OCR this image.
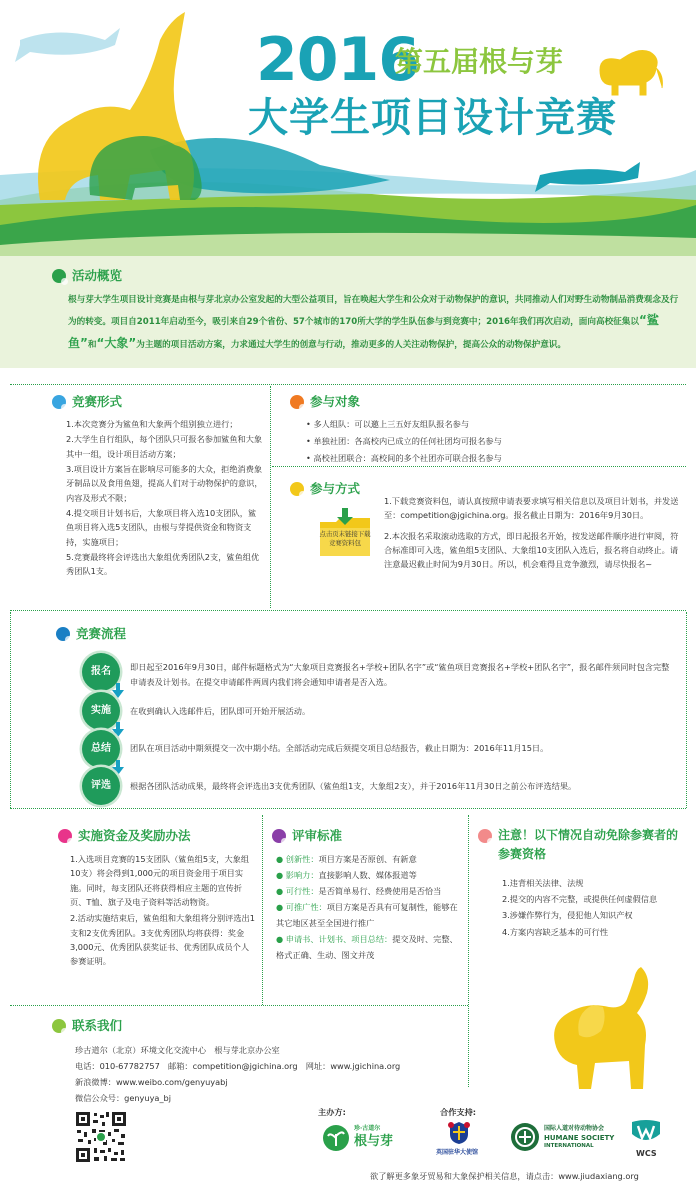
2016
第五届根与芽
大学生项目设计竞赛
活动概览
根与芽大学生项目设计竞赛是由根与芽北京办公室发起的大型公益项目，旨在唤起大学生和公众对于动物保护的意识，共同推动人们对野生动物制品消费观念及行为的转变。项目自2011年启动至今，吸引来自29个省份、57个城市的170所大学的学生队伍参与到竞赛中；2016年我们再次启动，面向高校征集以“鲨鱼”和“大象”为主题的项目活动方案，力求通过大学生的创意与行动，推动更多的人关注动物保护，提高公众的动物保护意识。
竞赛形式

1.本次竞赛分为鲨鱼和大象两个组别独立进行；

2.大学生自行组队，每个团队只可报名参加鲨鱼和大象其中一组，设计项目活动方案；

3.项目设计方案旨在影响尽可能多的大众，拒绝消费象牙制品以及食用鱼翅，提高人们对于动物保护的意识，内容及形式不限；

4.提交项目计划书后，大象项目将入选10支团队，鲨鱼项目将入选5支团队，由根与芽提供资金和物资支持，实施项目；

5.竞赛最终将会评选出大象组优秀团队2支，鲨鱼组优秀团队1支。

参与对象

• 多人组队：可以邀上三五好友组队报名参与

• 单独社团：各高校内已成立的任何社团均可报名参与

• 高校社团联合：高校间的多个社团亦可联合报名参与

参与方式
点击页末链接下载竞赛资料包

1.下载竞赛资料包，请认真按照申请表要求填写相关信息以及项目计划书，并发送至：competition@jgichina.org。报名截止日期为：2016年9月30日。

2.本次报名采取滚动选取的方式，即日起报名开始，按发送邮件顺序进行审阅，符合标准即可入选，鲨鱼组5支团队、大象组10支团队入选后，报名将自动终止。请注意最迟截止时间为9月30日。所以，机会难得且竞争激烈，请尽快报名~

竞赛流程
报名
实施
总结
评选
即日起至2016年9月30日，邮件标题格式为“大象项目竞赛报名+学校+团队名字”或“鲨鱼项目竞赛报名+学校+团队名字”，报名邮件须同时包含完整申请表及计划书。在提交申请邮件两周内我们将会通知申请者是否入选。
在收到确认入选邮件后，团队即可开始开展活动。
团队在项目活动中期须提交一次中期小结。全部活动完成后须提交项目总结报告，截止日期为：2016年11月15日。
根据各团队活动成果，最终将会评选出3支优秀团队（鲨鱼组1支，大象组2支），并于2016年11月30日之前公布评选结果。
实施资金及奖励办法

1.入选项目竞赛的15支团队（鲨鱼组5支，大象组10支）将会得到1,000元的项目资金用于项目实施。同时，每支团队还将获得相应主题的宣传折页、T恤、旗子及电子资料等活动物资。

2.活动实施结束后，鲨鱼组和大象组将分别评选出1支和2支优秀团队。3支优秀团队均将获得：奖金3,000元、优秀团队获奖证书、优秀团队成员个人参赛证明。

评审标准
● 创新性：项目方案是否原创、有新意
● 影响力：直接影响人数、媒体报道等
● 可行性：是否简单易行、经费使用是否恰当
● 可推广性：项目方案是否具有可复制性，能够在其它地区甚至全国进行推广
● 申请书、计划书、项目总结：提交及时、完整、格式正确、生动、图文并茂
注意！以下情况自动免除参赛者的参赛资格

1.违背相关法律、法规

2.提交的内容不完整，或提供任何虚假信息

3.涉嫌作弊行为，侵犯他人知识产权

4.方案内容缺乏基本的可行性

联系我们
珍古道尔（北京）环境文化交流中心　根与芽北京办公室
电话：010-67782757　邮箱：competition@jgichina.org　网址：www.jgichina.org
新浪微博：www.weibo.com/genyuyabj
微信公众号：genyuya_bj
主办方:	合作支持:
珍·古道尔
根与芽
英国驻华大使馆
国际人道对待动物协会
HUMANE SOCIETY
INTERNATIONAL
WCS
欲了解更多象牙贸易和大象保护相关信息，请点击：www.jiudaxiang.org
